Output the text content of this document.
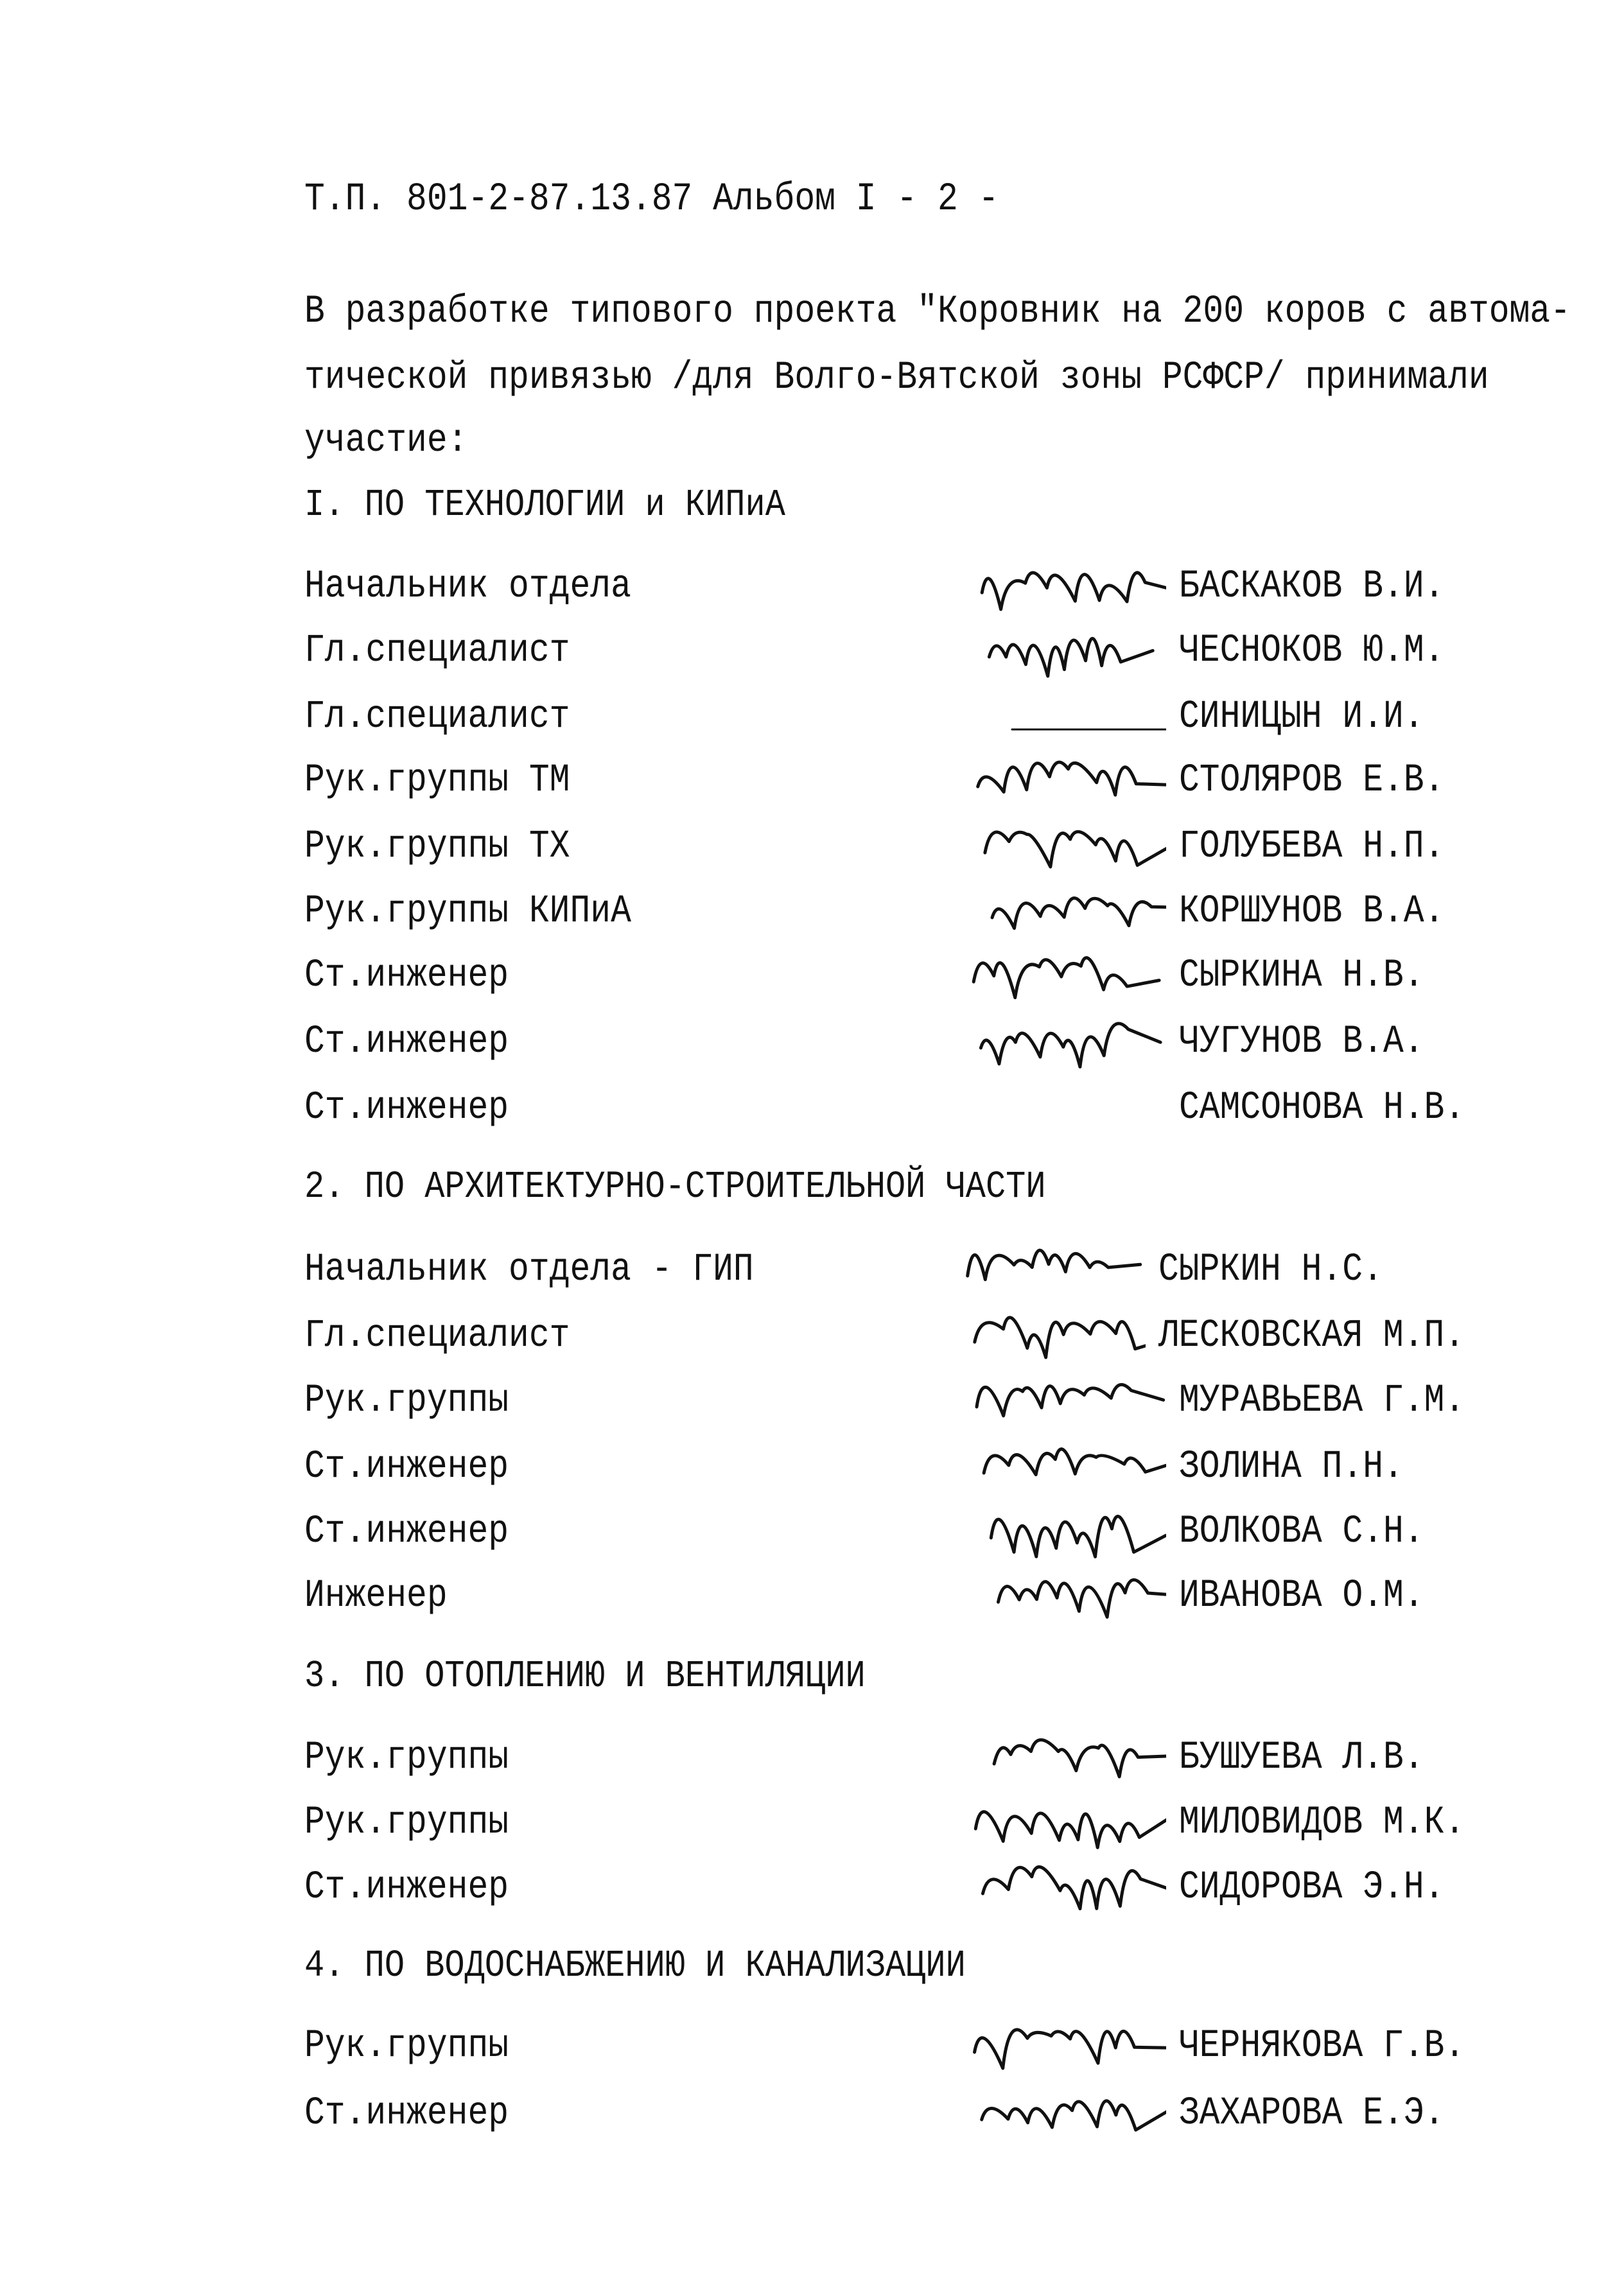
Т.П. 801-2-87.13.87 Альбом I - 2 -
В разработке типового проекта "Коровник на 200 коров с автома-
тической привязью /для Волго-Вятской зоны РСФСР/ принимали
участие:
I. ПО ТЕХНОЛОГИИ и КИПиА
Начальник отдела	БАСКАКОВ В.И.
Гл.специалист	ЧЕСНОКОВ Ю.М.
Гл.специалист	СИНИЦЫН И.И.
Рук.группы ТМ	СТОЛЯРОВ Е.В.
Рук.группы ТХ	ГОЛУБЕВА Н.П.
Рук.группы КИПиА	КОРШУНОВ В.А.
Ст.инженер	СЫРКИНА Н.В.
Ст.инженер	ЧУГУНОВ В.А.
Ст.инженер	САМСОНОВА Н.В.
2. ПО АРХИТЕКТУРНО-СТРОИТЕЛЬНОЙ ЧАСТИ
Начальник отдела - ГИП	СЫРКИН Н.С.
Гл.специалист	ЛЕСКОВСКАЯ М.П.
Рук.группы	МУРАВЬЕВА Г.М.
Ст.инженер	ЗОЛИНА П.Н.
Ст.инженер	ВОЛКОВА С.Н.
Инженер	ИВАНОВА О.М.
3. ПО ОТОПЛЕНИЮ И ВЕНТИЛЯЦИИ
Рук.группы	БУШУЕВА Л.В.
Рук.группы	МИЛОВИДОВ М.К.
Ст.инженер	СИДОРОВА Э.Н.
4. ПО ВОДОСНАБЖЕНИЮ И КАНАЛИЗАЦИИ
Рук.группы	ЧЕРНЯКОВА Г.В.
Ст.инженер	ЗАХАРОВА Е.Э.
